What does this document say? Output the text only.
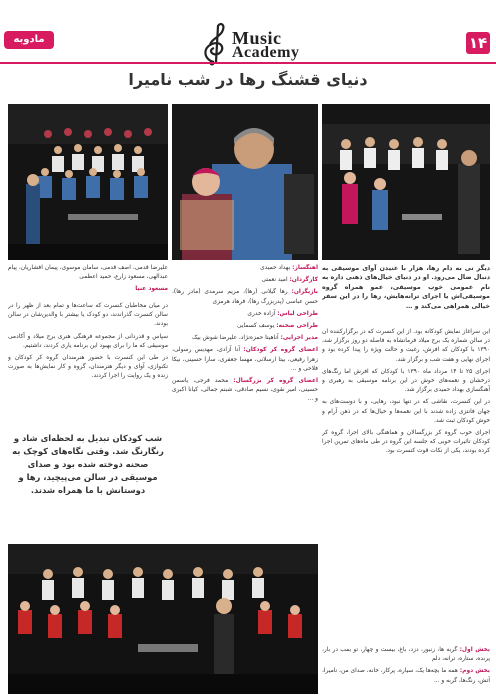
۱۴
مادوبه	Music
Academy
دنیای قشنگ رها در شب نامیرا
دیگر نی به دام رها، هزار با عنیدن آوای موسیقی به دنبال ضال می‌رود. او در دنیای خیال‌های ذهنی داره به نام عمومی خوب موسیقی، عمو همراه گروه موسیقی‌اش یا اجرای ترانه‌هایش، رها را در این سفر خیالی همراهی می‌کند و …

این سرآغاز نمایش کودکانه بود. از این کنسرت که در برگزارکننده آن در سالن شماره یک برج میلاد فرمانشاه به فاصله دو روز برگزار شد، ۱۳۹۰ با کودکان که افرش، رغبت و حالت ویژه را پیدا کرده بود و اجرای نهایی و هفت شب و برگزار شد.

اجرای ۲۵ تا ۱۴ مرداد ماه ۱۳۹۰ با کودکان که افرش اما رنگ‌های درخشان و نغمه‌های خوش در این برنامه موسیقی به رهبری و آهنگسازی بهداد حمیدی برگزار شد.

در این کنسرت، نقاشی که در تنها نبود، رهایی، و با دوست‌های به جهان فانتزی زاده شدند با این نغمه‌ها و خیال‌ها که در ذهن آرام و خوش کودکان ثبت شد.

اجرای خوب گروه کر بزرگسالان و هماهنگی بالای اجرا، گروه کر کودکان تاثیرات خوبی که جلسه این گروه در طی ماه‌های تمرین اجرا کرده بودند، یکی از نکات قوت کنسرت بود.

بخش اول: گربه ها، زنبور، دزد، باغ، بیست و چهار، تو بمب در بار، پرنده، ستاره، ترانه، دلم

بخش دوم: همه ما بچه‌ها یک، سیاره، پرکار، خانه، صدای من، نامیرا، آتش، رنگ‌ها، گربه و ...

آهنگساز: بهداد حمیدی

کارگردان: امید نعمتی

بازیگران: رها گیلانی (رها)، مریم سرمدی (مادر رها)، حسن عباسی (پدربزرگ رها)، فرهاد هرمزی

طراحی لباس: آزاده خدری

طراحی صحنه: یوسف کسمایی

مدیر اجرایی: آناهیتا حمزه‌نژاد، علیرضا شوش بیک

اعضای گروه کر کودکان: آنا آزادی، مهدیس رسولی، زهرا رفیعی، بیتا ارسلانی، مهسا جعفری، سارا حسینی، نیکا فلاحی و ...

اعضای گروه کر بزرگسال: محمد فرجی، یاسمن حسینی، امیر نقوی، نسیم صادقی، شبنم جمالی، کیانا اکبری و ...

علیرضا قدمی، آصف قدمی، سامان موسوی، پیمان افشاریان، پیام عبدالهی، مسعود زارع، حمید اعظمی

مسعود عنیا

در میان مخاطبان کنسرت که ساعت‌ها و تمام بعد از ظهر را در سالن کنسرت گذراندند، دو کودک یا بیشتر با والدین‌شان در سالن بودند.

سپاس و قدردانی از مجموعه فرهنگی هنری برج میلاد و آکادمی موسیقی که ما را برای بهبود این برنامه یاری کردند، داشتیم.

در طی این کنسرت با حضور هنرمندان گروه کر کودکان و تکنوازی، آوای و دیگر هنرمندان، گروه و کار نمایش‌ها به صورت زنده و یک روایت را اجرا کردند.

شب کودکان تبدیل به لحظه‌ای شاد و رنگارنگ شد. وقتی نگاه‌های کوچک به صحنه دوخته شده بود و صدای موسیقی در سالن می‌پیچید، رها و دوستانش با ما همراه شدند.
